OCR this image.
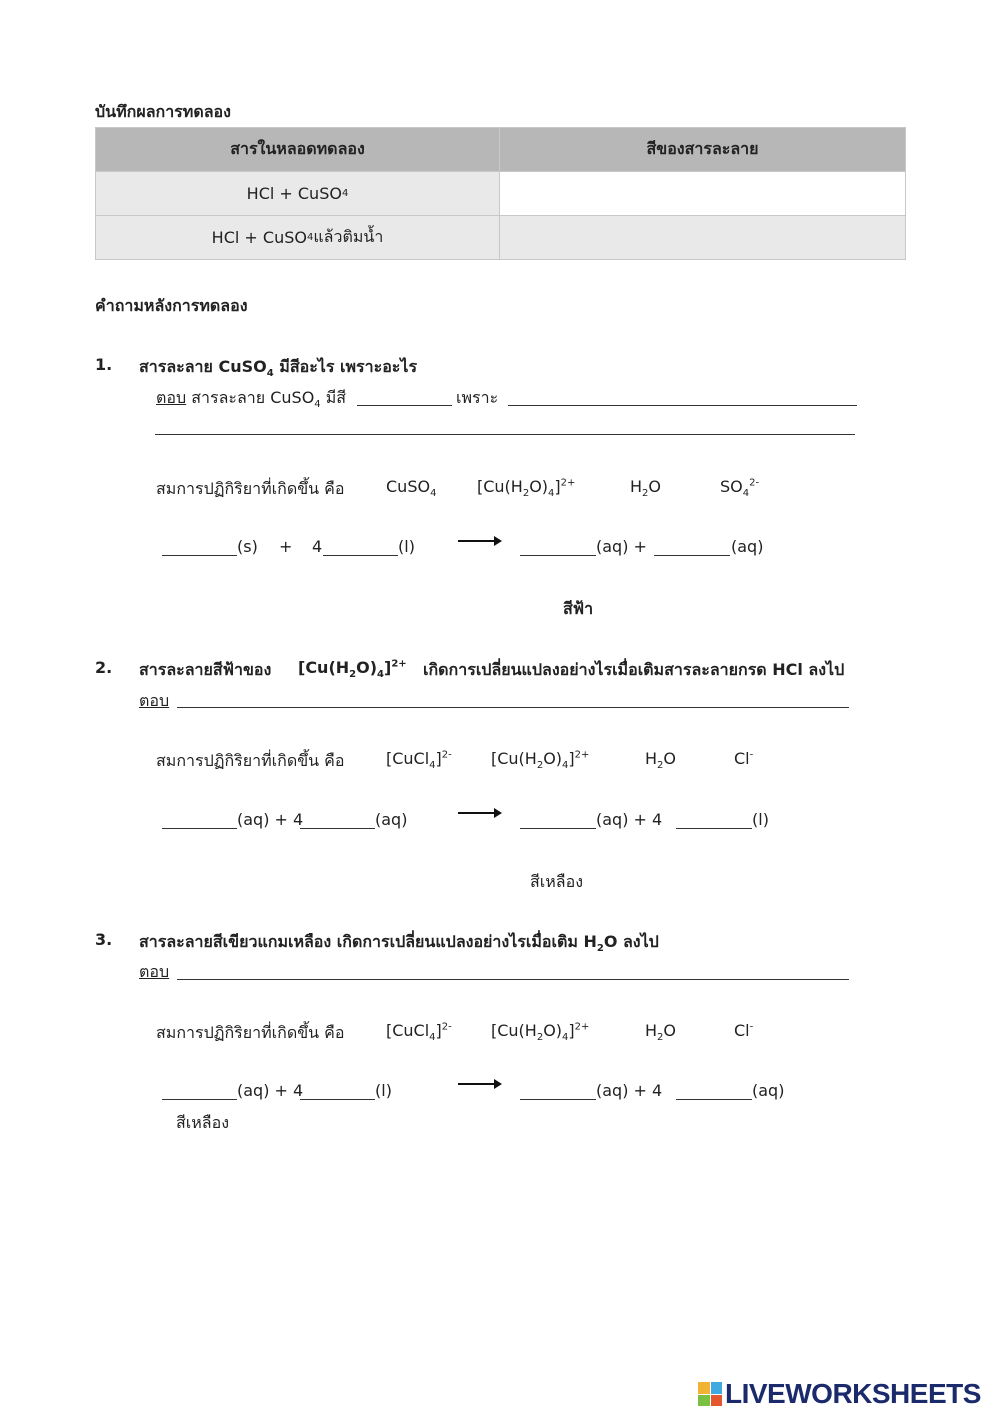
บันทึกผลการทดลอง
สารในหลอดทดลอง	สีของสารละลาย
HCl + CuSO 4
HCl + CuSO 4 แล้วติมน้ำ
คำถามหลังการทดลอง
1. สารละลาย CuSO$_4$ มีสีอะไร เพราะอะไร
ตอบ สารละลาย CuSO$_4$ มีสี	เพราะ
สมการปฏิกิริยาที่เกิดขึ้น คือ	CuSO$_4$	$[Cu(H_2O)_4]^{2+}$	$H_2O$	$SO_4^{2-}$
(s) + 4	(l)	(aq) +	(aq)
สีฟ้า
2. สารละลายสีฟ้าของ $[Cu(H_2O)_4]^{2+}$ เกิดการเปลี่ยนแปลงอย่างไรเมื่อเติมสารละลายกรด HCl ลงไป
ตอบ
สมการปฏิกิริยาที่เกิดขึ้น คือ	[CuCl$_4$]$^{2-}$ $[Cu(H_2O)_4]^{2+}$	$H_2O$	Cl-
(aq) + 4	(aq)	(aq) + 4	(l)
สีเหลือง
3. สารละลายสีเขียวแกมเหลือง เกิดการเปลี่ยนแปลงอย่างไรเมื่อเติม $H_2O$ ลงไป
ตอบ
สมการปฏิกิริยาที่เกิดขึ้น คือ	[CuCl$_4$]$^{2-}$ $[Cu(H_2O)_4]^{2+}$	$H_2O$	Cl-
(aq) + 4	(l)	(aq) + 4	(aq)
สีเหลือง
LIVEWORKSHEETS
